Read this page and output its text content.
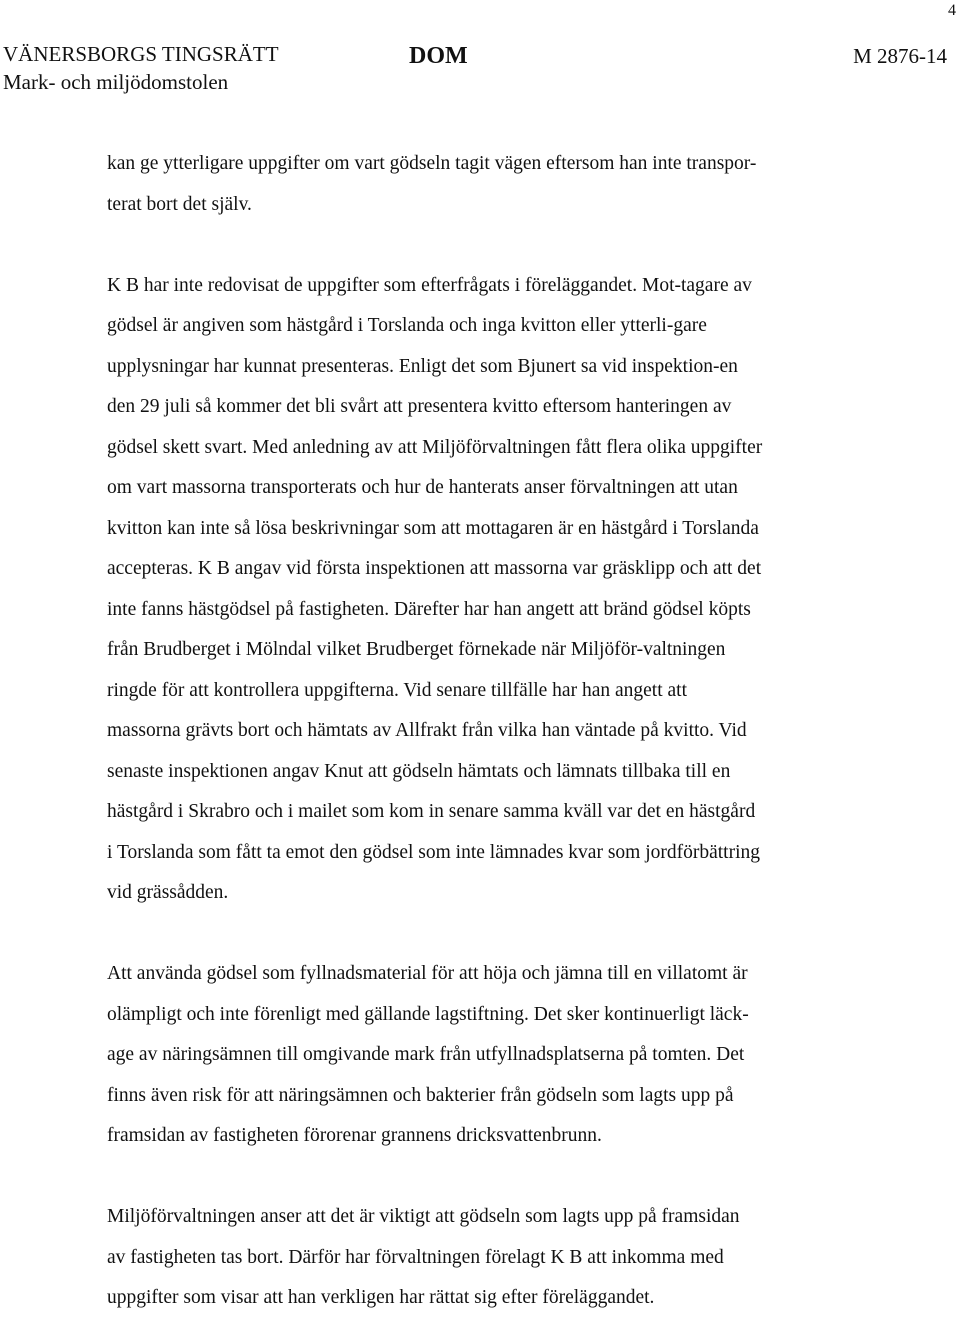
4
VÄNERSBORGS TINGSRÄTT
Mark- och miljödomstolen
DOM	M 2876-14

kan ge ytterligare uppgifter om vart gödseln tagit vägen eftersom han inte transpor-
terat bort det själv.

K B har inte redovisat de uppgifter som efterfrågats i föreläggandet. Mot-tagare av
gödsel är angiven som hästgård i Torslanda och inga kvitton eller ytterli-gare
upplysningar har kunnat presenteras. Enligt det som Bjunert sa vid inspektion-en
den 29 juli så kommer det bli svårt att presentera kvitto eftersom hanteringen av
gödsel skett svart. Med anledning av att Miljöförvaltningen fått flera olika uppgifter
om vart massorna transporterats och hur de hanterats anser förvaltningen att utan
kvitton kan inte så lösa beskrivningar som att mottagaren är en hästgård i Torslanda
accepteras. K B angav vid första inspektionen att massorna var gräsklipp och att det
inte fanns hästgödsel på fastigheten. Därefter har han angett att bränd gödsel köpts
från Brudberget i Mölndal vilket Brudberget förnekade när Miljöför-valtningen
ringde för att kontrollera uppgifterna. Vid senare tillfälle har han angett att
massorna grävts bort och hämtats av Allfrakt från vilka han väntade på kvitto. Vid
senaste inspektionen angav Knut att gödseln hämtats och lämnats tillbaka till en
hästgård i Skrabro och i mailet som kom in senare samma kväll var det en hästgård
i Torslanda som fått ta emot den gödsel som inte lämnades kvar som jordförbättring
vid grässådden.

Att använda gödsel som fyllnadsmaterial för att höja och jämna till en villatomt är
olämpligt och inte förenligt med gällande lagstiftning. Det sker kontinuerligt läck-
age av näringsämnen till omgivande mark från utfyllnadsplatserna på tomten. Det
finns även risk för att näringsämnen och bakterier från gödseln som lagts upp på
framsidan av fastigheten förorenar grannens dricksvattenbrunn.

Miljöförvaltningen anser att det är viktigt att gödseln som lagts upp på framsidan
av fastigheten tas bort. Därför har förvaltningen förelagt K B att inkomma med
uppgifter som visar att han verkligen har rättat sig efter föreläggandet.
